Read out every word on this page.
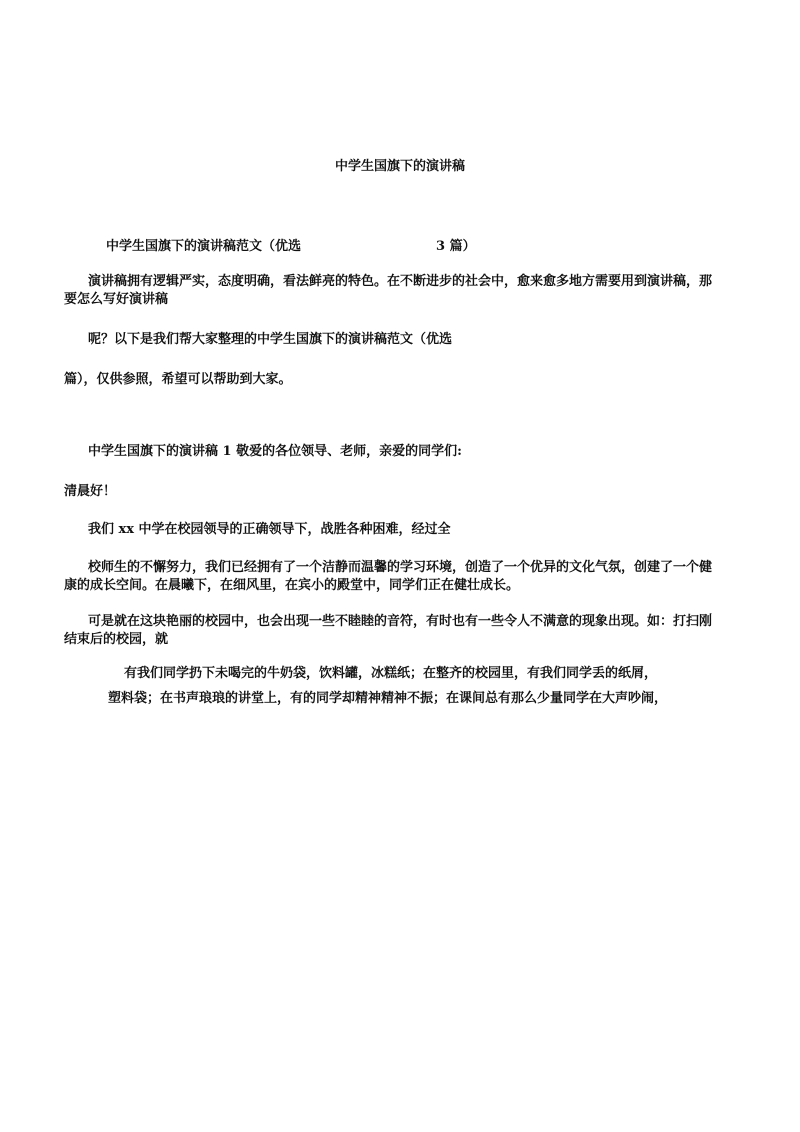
中学生国旗下的演讲稿
中学生国旗下的演讲稿范文（优选	3 篇）
演讲稿拥有逻辑严实，态度明确，看法鲜亮的特色。在不断进步的社会中，愈来愈多地方需要用到演讲稿，那
要怎么写好演讲稿
呢？以下是我们帮大家整理的中学生国旗下的演讲稿范文（优选
篇），仅供参照，希望可以帮助到大家。
中学生国旗下的演讲稿 1 敬爱的各位领导、老师，亲爱的同学们:
清晨好！
我们 xx 中学在校园领导的正确领导下，战胜各种困难，经过全
校师生的不懈努力，我们已经拥有了一个洁静而温馨的学习环境，创造了一个优异的文化气氛，创建了一个健
康的成长空间。在晨曦下，在细风里，在宾小的殿堂中，同学们正在健壮成长。
可是就在这块艳丽的校园中，也会出现一些不睦睦的音符，有时也有一些令人不满意的现象出现。如：打扫刚
结束后的校园，就
有我们同学扔下未喝完的牛奶袋，饮料罐，冰糕纸；在整齐的校园里，有我们同学丢的纸屑，
塑料袋；在书声琅琅的讲堂上，有的同学却精神精神不振；在课间总有那么少量同学在大声吵闹，
